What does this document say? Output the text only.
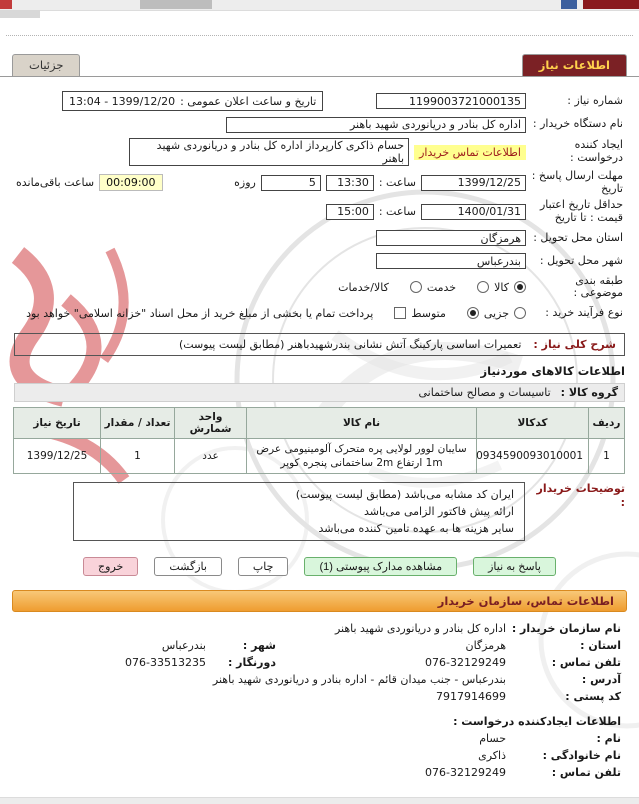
اطلاعات نیاز
جزئیات
شماره نیاز :
1199003721000135
تاریخ و ساعت اعلان عمومی :
13:04 - 1399/12/20
نام دستگاه خریدار :
اداره کل بنادر و دریانوردی شهید باهنر
ایجاد کننده درخواست :
اطلاعات تماس خریدار
حسام ذاکری کارپرداز اداره کل بنادر و دریانوردی شهید باهنر
مهلت ارسال پاسخ : تاریخ
1399/12/25
ساعت :
13:30
5
روزه
00:09:00
ساعت باقی‌مانده
حداقل تاریخ اعتبار قیمت : تا تاریخ
1400/01/31
ساعت :
15:00
استان محل تحویل :
هرمزگان
شهر محل تحویل :
بندرعباس
طبقه بندی موضوعی :
کالا
خدمت
کالا/خدمات
نوع فرآیند خرید :
جزیی
متوسط
پرداخت تمام یا بخشی از مبلغ خرید از محل اسناد "خزانه اسلامی" خواهد بود
شرح کلی نیاز :
تعمیرات اساسی پارکینگ آتش نشانی بندرشهیدباهنر (مطابق لیست پیوست)
اطلاعات کالاهای موردنیاز
گروه کالا :
تاسیسات و مصالح ساختمانی
ردیف	کدکالا	نام کالا	واحد شمارش	تعداد / مقدار	تاریخ نیاز
1	0934590093010001	سایبان لوور لولایی پره متحرک آلومینیومی عرض 1m ارتفاع 2m ساختمانی پنجره کوپر	عدد	1	1399/12/25
توضیحات خریدار :
ایران کد مشابه می‌باشد (مطابق لیست پیوست)
ارائه پیش فاکتور الزامی می‌باشد
سایر هزینه ها به عهده تامین کننده می‌باشد
پاسخ به نیاز
مشاهده مدارک پیوستی (1)
چاپ
بازگشت
خروج
اطلاعات تماس، سازمان خریدار
نام سازمان خریدار :
اداره کل بنادر و دریانوردی شهید باهنر
استان :
هرمزگان
شهر :
بندرعباس
تلفن تماس :
076-32129249
دورنگار :
076-33513235
آدرس :
بندرعباس - جنب میدان قائم - اداره بنادر و دریانوردی شهید باهنر
کد پستی :
7917914699
اطلاعات ایجادکننده درخواست :
نام :
حسام
نام خانوادگی :
ذاکری
تلفن تماس :
076-32129249
